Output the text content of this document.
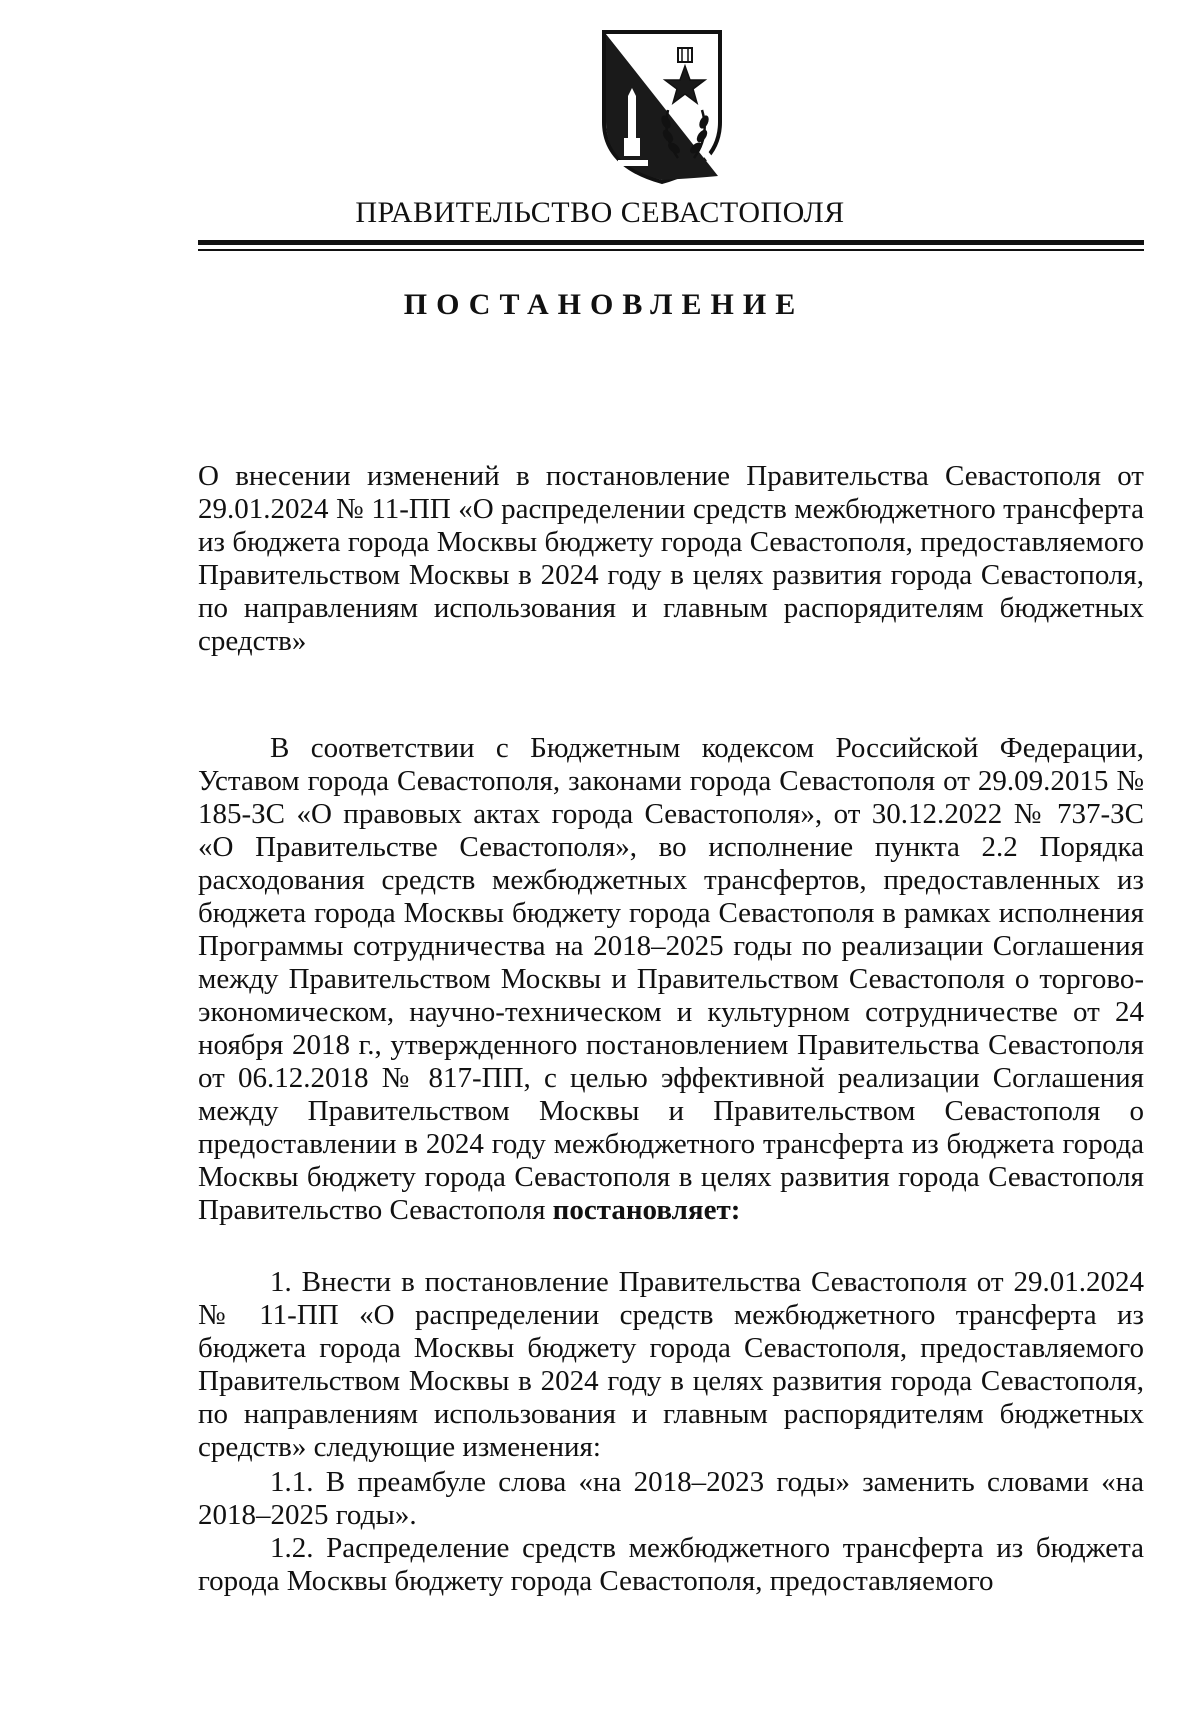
ПРАВИТЕЛЬСТВО СЕВАСТОПОЛЯ
ПОСТАНОВЛЕНИЕ
О внесении изменений в постановление Правительства Севастополя от 29.01.2024 № 11-ПП «О распределении средств межбюджетного трансферта из бюджета города Москвы бюджету города Севастополя, предоставляемого Правительством Москвы в 2024 году в целях развития города Севастополя, по направлениям использования и главным распорядителям бюджетных средств»

В соответствии с Бюджетным кодексом Российской Федерации, Уставом города Севастополя, законами города Севастополя от 29.09.2015 № 185-ЗС «О правовых актах города Севастополя», от 30.12.2022 № 737-ЗС «О Правительстве Севастополя», во исполнение пункта 2.2 Порядка расходования средств межбюджетных трансфертов, предоставленных из бюджета города Москвы бюджету города Севастополя в рамках исполнения Программы сотрудничества на 2018–2025 годы по реализации Соглашения между Правительством Москвы и Правительством Севастополя о торгово-экономическом, научно-техническом и культурном сотрудничестве от 24 ноября 2018 г., утвержденного постановлением Правительства Севастополя от 06.12.2018 № 817-ПП, с целью эффективной реализации Соглашения между Правительством Москвы и Правительством Севастополя о предоставлении в 2024 году межбюджетного трансферта из бюджета города Москвы бюджету города Севастополя в целях развития города Севастополя Правительство Севастополя постановляет:

1. Внести в постановление Правительства Севастополя от 29.01.2024 № 11-ПП «О распределении средств межбюджетного трансферта из бюджета города Москвы бюджету города Севастополя, предоставляемого Правительством Москвы в 2024 году в целях развития города Севастополя, по направлениям использования и главным распорядителям бюджетных средств» следующие изменения:

1.1. В преамбуле слова «на 2018–2023 годы» заменить словами «на 2018–2025 годы».

1.2. Распределение средств межбюджетного трансферта из бюджета города Москвы бюджету города Севастополя, предоставляемого
